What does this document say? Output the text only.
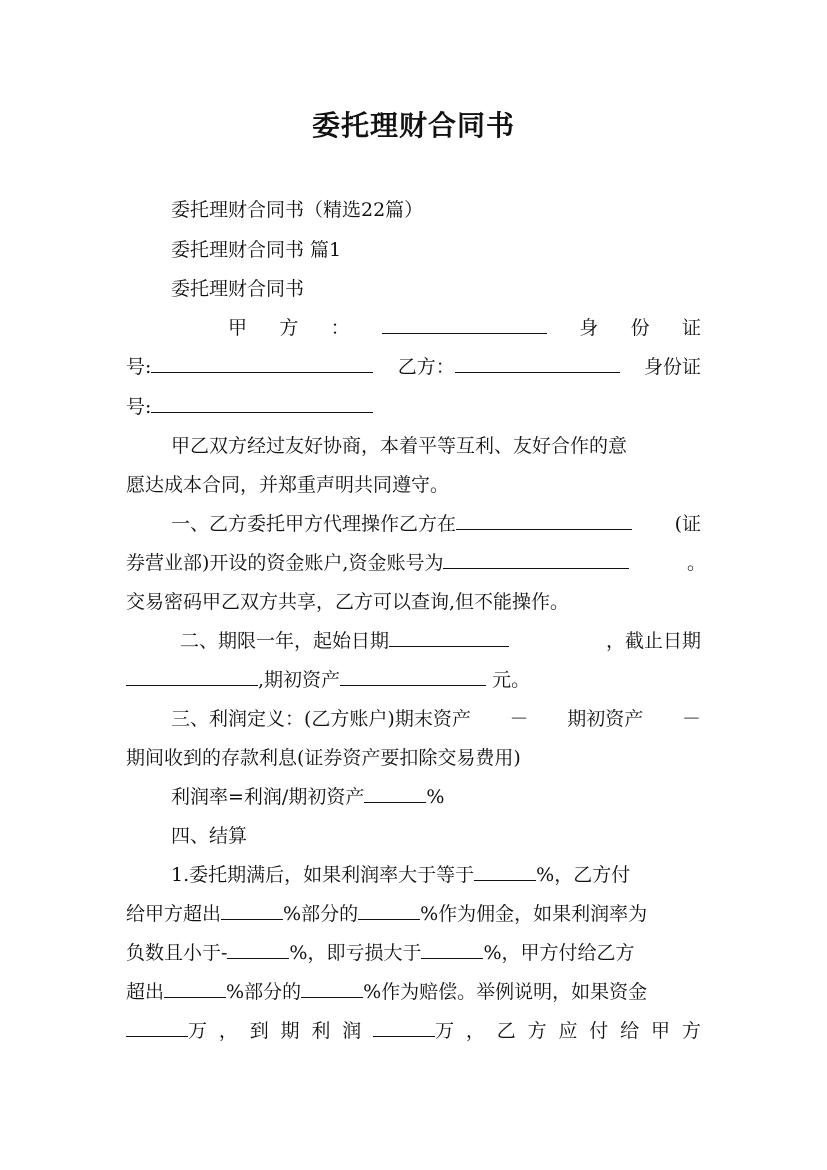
委托理财合同书
委托理财合同书（精选22篇）
委托理财合同书 篇1
委托理财合同书
甲 方 ：	身 份 证
号:	乙方：	身份证
号:
甲乙双方经过友好协商，本着平等互利、友好合作的意
愿达成本合同，并郑重声明共同遵守。
一、乙方委托甲方代理操作乙方在	(证
券营业部)开设的资金账户,资金账号为	。
交易密码甲乙双方共享，乙方可以查询,但不能操作。
二、期限一年，起始日期	，截止日期
,期初资产	元。
三、利润定义：(乙方账户)期末资产 － 期初资产 －
期间收到的存款利息(证券资产要扣除交易费用)
利润率=利润/期初资产	%
四、结算
1.委托期满后，如果利润率大于等于	%，乙方付
给甲方超出	%部分的	%作为佣金，如果利润率为
负数且小于-	%，即亏损大于	%，甲方付给乙方
超出	%部分的	%作为赔偿。举例说明，如果资金
万 ， 到 期 利 润	万 ， 乙 方 应 付 给 甲 方
